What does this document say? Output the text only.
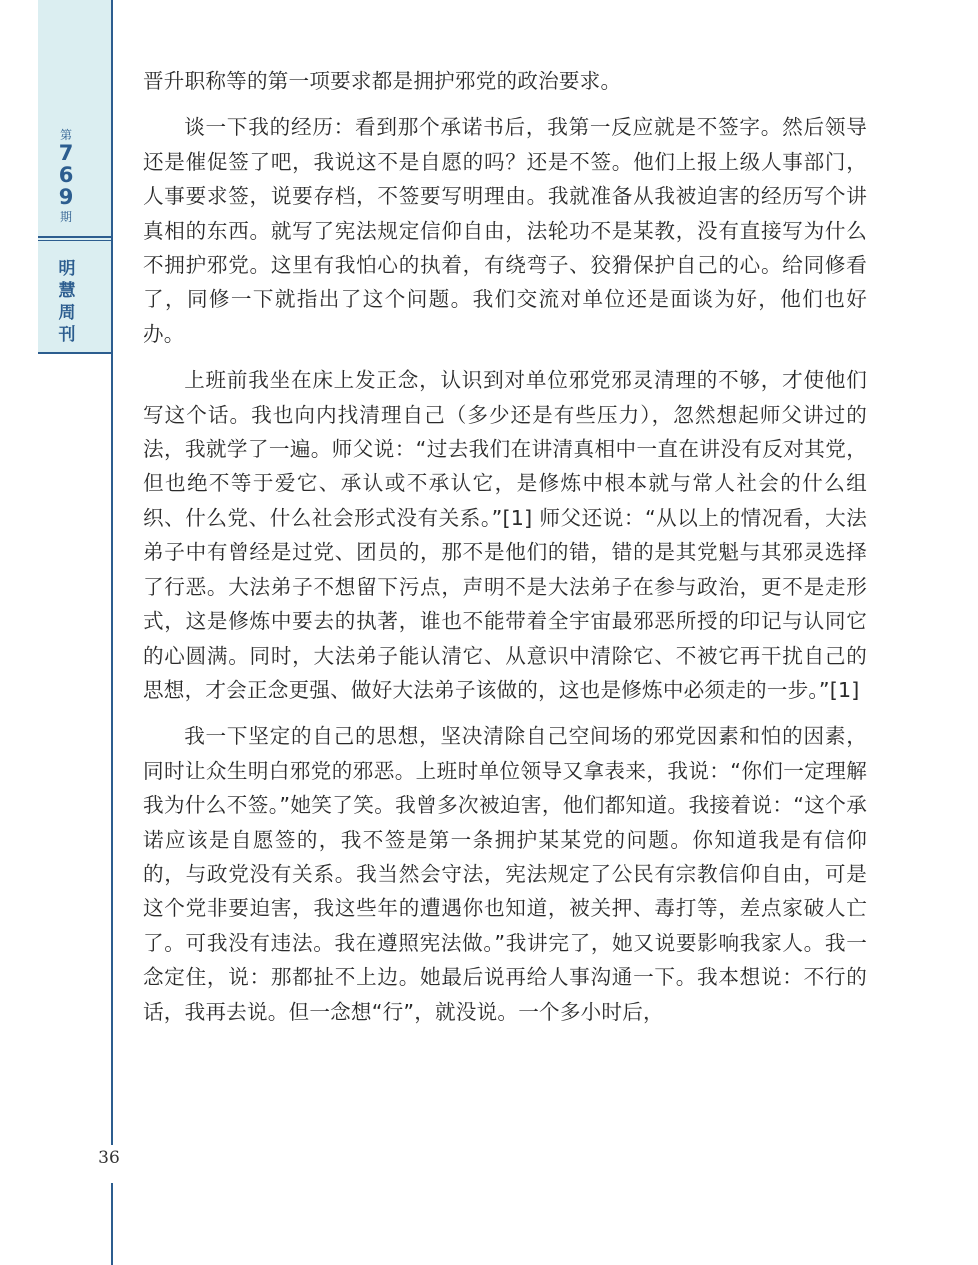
第
7
6
9
期
明
慧
周
刊
36

晋升职称等的第一项要求都是拥护邪党的政治要求。

谈一下我的经历：看到那个承诺书后，我第一反应就是不签字。然后领导还是催促签了吧，我说这不是自愿的吗？还是不签。他们上报上级人事部门，人事要求签，说要存档，不签要写明理由。我就准备从我被迫害的经历写个讲真相的东西。就写了宪法规定信仰自由，法轮功不是某教，没有直接写为什么不拥护邪党。这里有我怕心的执着，有绕弯子、狡猾保护自己的心。给同修看了，同修一下就指出了这个问题。我们交流对单位还是面谈为好，他们也好办。

上班前我坐在床上发正念，认识到对单位邪党邪灵清理的不够，才使他们写这个话。我也向内找清理自己（多少还是有些压力），忽然想起师父讲过的法，我就学了一遍。师父说：“过去我们在讲清真相中一直在讲没有反对其党，但也绝不等于爱它、承认或不承认它，是修炼中根本就与常人社会的什么组织、什么党、什么社会形式没有关系。”[1] 师父还说：“从以上的情况看，大法弟子中有曾经是过党、团员的，那不是他们的错，错的是其党魁与其邪灵选择了行恶。大法弟子不想留下污点，声明不是大法弟子在参与政治，更不是走形式，这是修炼中要去的执著，谁也不能带着全宇宙最邪恶所授的印记与认同它的心圆满。同时，大法弟子能认清它、从意识中清除它、不被它再干扰自己的思想，才会正念更强、做好大法弟子该做的，这也是修炼中必须走的一步。”[1]

我一下坚定的自己的思想，坚决清除自己空间场的邪党因素和怕的因素，同时让众生明白邪党的邪恶。上班时单位领导又拿表来，我说：“你们一定理解我为什么不签。”她笑了笑。我曾多次被迫害，他们都知道。我接着说：“这个承诺应该是自愿签的，我不签是第一条拥护某某党的问题。你知道我是有信仰的，与政党没有关系。我当然会守法，宪法规定了公民有宗教信仰自由，可是这个党非要迫害，我这些年的遭遇你也知道，被关押、毒打等，差点家破人亡了。可我没有违法。我在遵照宪法做。”我讲完了，她又说要影响我家人。我一念定住，说：那都扯不上边。她最后说再给人事沟通一下。我本想说：不行的话，我再去说。但一念想“行”，就没说。一个多小时后，
